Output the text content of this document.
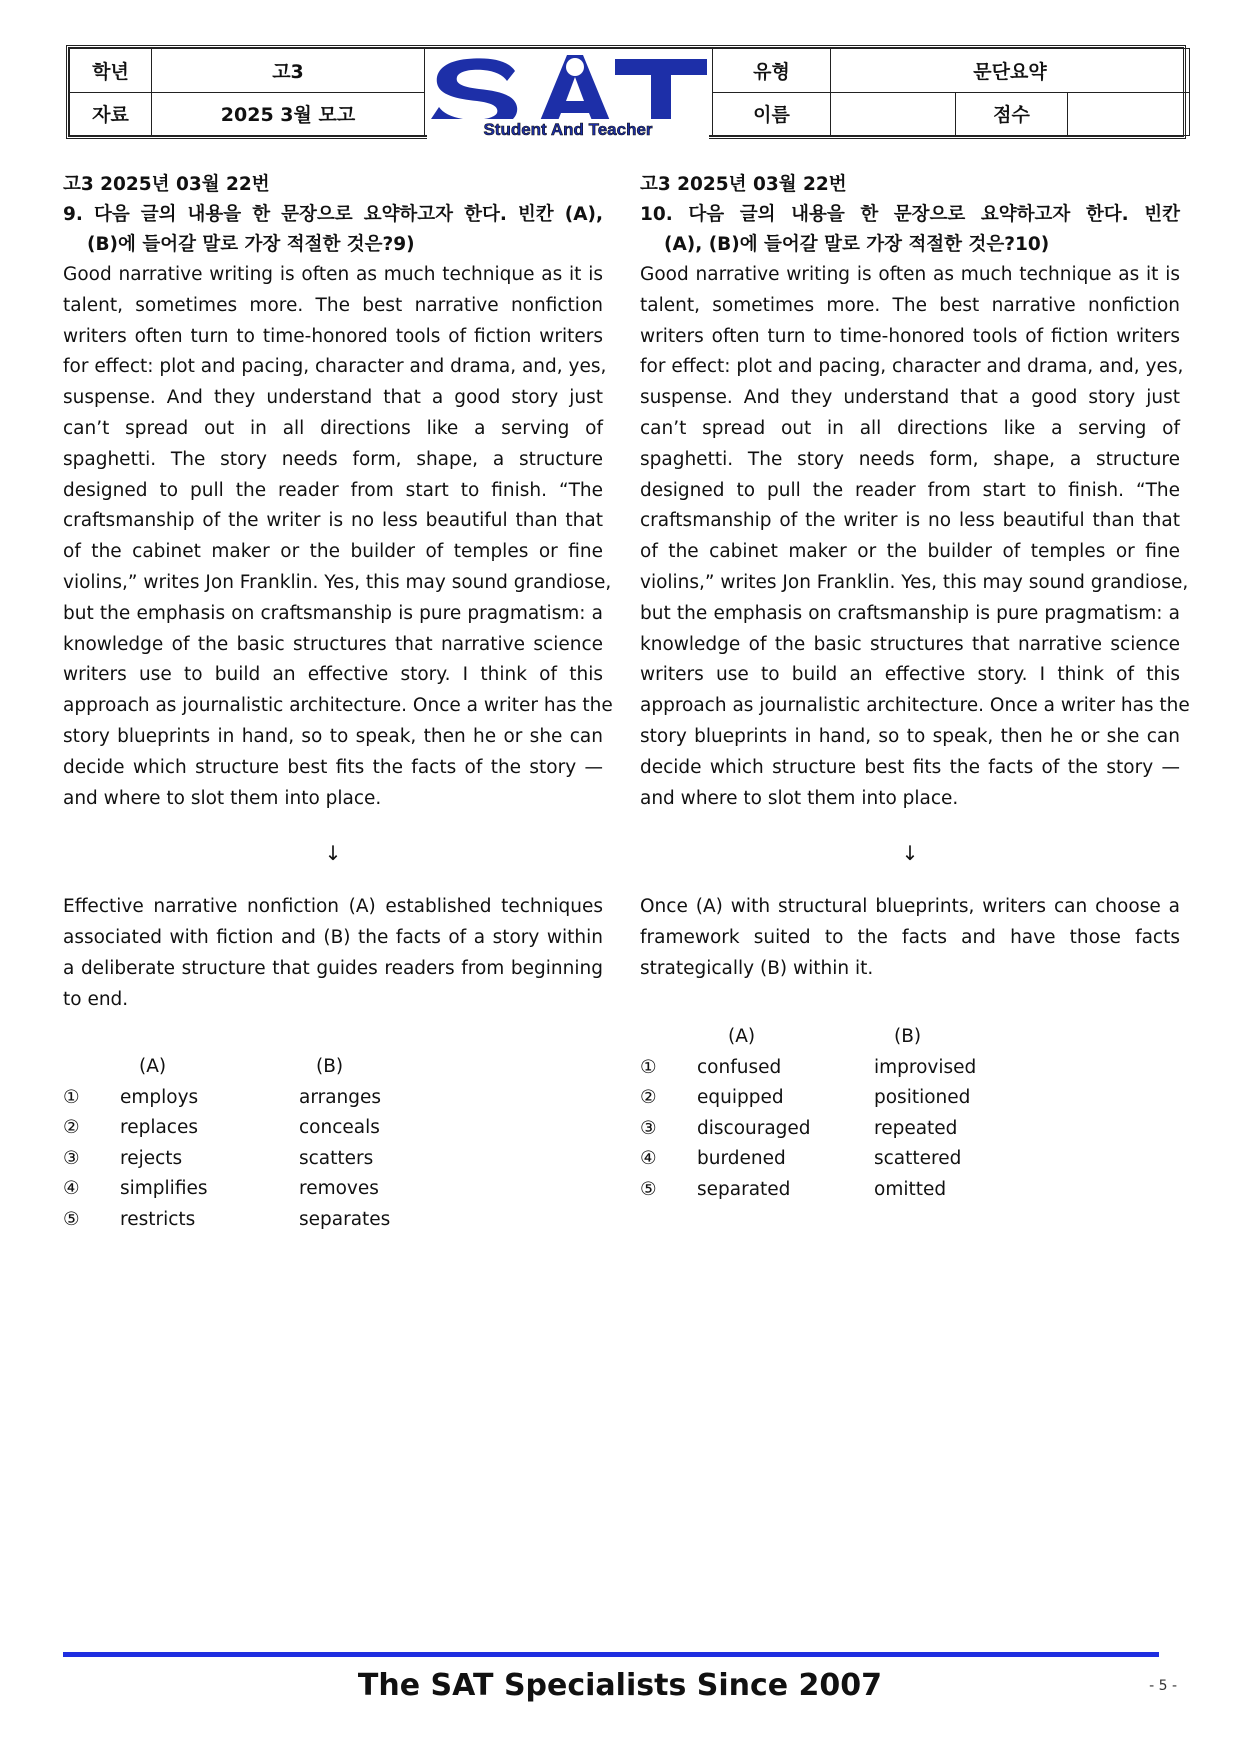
학년	고3	Student And Teacher	유형	문단요약		
자료	2025 3월 모고		이름		점수	
고3 2025년 03월 22번
9. 다음 글의 내용을 한 문장으로 요약하고자 한다. 빈칸 (A),
(B)에 들어갈 말로 가장 적절한 것은?9)
Good narrative writing is often as much technique as it is
talent, sometimes more. The best narrative nonfiction
writers often turn to time-honored tools of fiction writers
for effect: plot and pacing, character and drama, and, yes,
suspense. And they understand that a good story just
can’t spread out in all directions like a serving of
spaghetti. The story needs form, shape, a structure
designed to pull the reader from start to finish. “The
craftsmanship of the writer is no less beautiful than that
of the cabinet maker or the builder of temples or fine
violins,” writes Jon Franklin. Yes, this may sound grandiose,
but the emphasis on craftsmanship is pure pragmatism: a
knowledge of the basic structures that narrative science
writers use to build an effective story. I think of this
approach as journalistic architecture. Once a writer has the
story blueprints in hand, so to speak, then he or she can
decide which structure best fits the facts of the story —
and where to slot them into place.
↓
Effective narrative nonfiction (A) established techniques
associated with fiction and (B) the facts of a story within
a deliberate structure that guides readers from beginning
to end.
(A)	(B)
① employs	arranges
② replaces	conceals
③ rejects	scatters
④ simplifies	removes
⑤ restricts	separates
고3 2025년 03월 22번
10. 다음 글의 내용을 한 문장으로 요약하고자 한다. 빈칸
(A), (B)에 들어갈 말로 가장 적절한 것은?10)
Good narrative writing is often as much technique as it is
talent, sometimes more. The best narrative nonfiction
writers often turn to time-honored tools of fiction writers
for effect: plot and pacing, character and drama, and, yes,
suspense. And they understand that a good story just
can’t spread out in all directions like a serving of
spaghetti. The story needs form, shape, a structure
designed to pull the reader from start to finish. “The
craftsmanship of the writer is no less beautiful than that
of the cabinet maker or the builder of temples or fine
violins,” writes Jon Franklin. Yes, this may sound grandiose,
but the emphasis on craftsmanship is pure pragmatism: a
knowledge of the basic structures that narrative science
writers use to build an effective story. I think of this
approach as journalistic architecture. Once a writer has the
story blueprints in hand, so to speak, then he or she can
decide which structure best fits the facts of the story —
and where to slot them into place.
↓
Once (A) with structural blueprints, writers can choose a
framework suited to the facts and have those facts
strategically (B) within it.
(A)	(B)
① confused	improvised
② equipped	positioned
③ discouraged	repeated
④ burdened	scattered
⑤ separated	omitted
The SAT Specialists Since 2007	- 5 -
